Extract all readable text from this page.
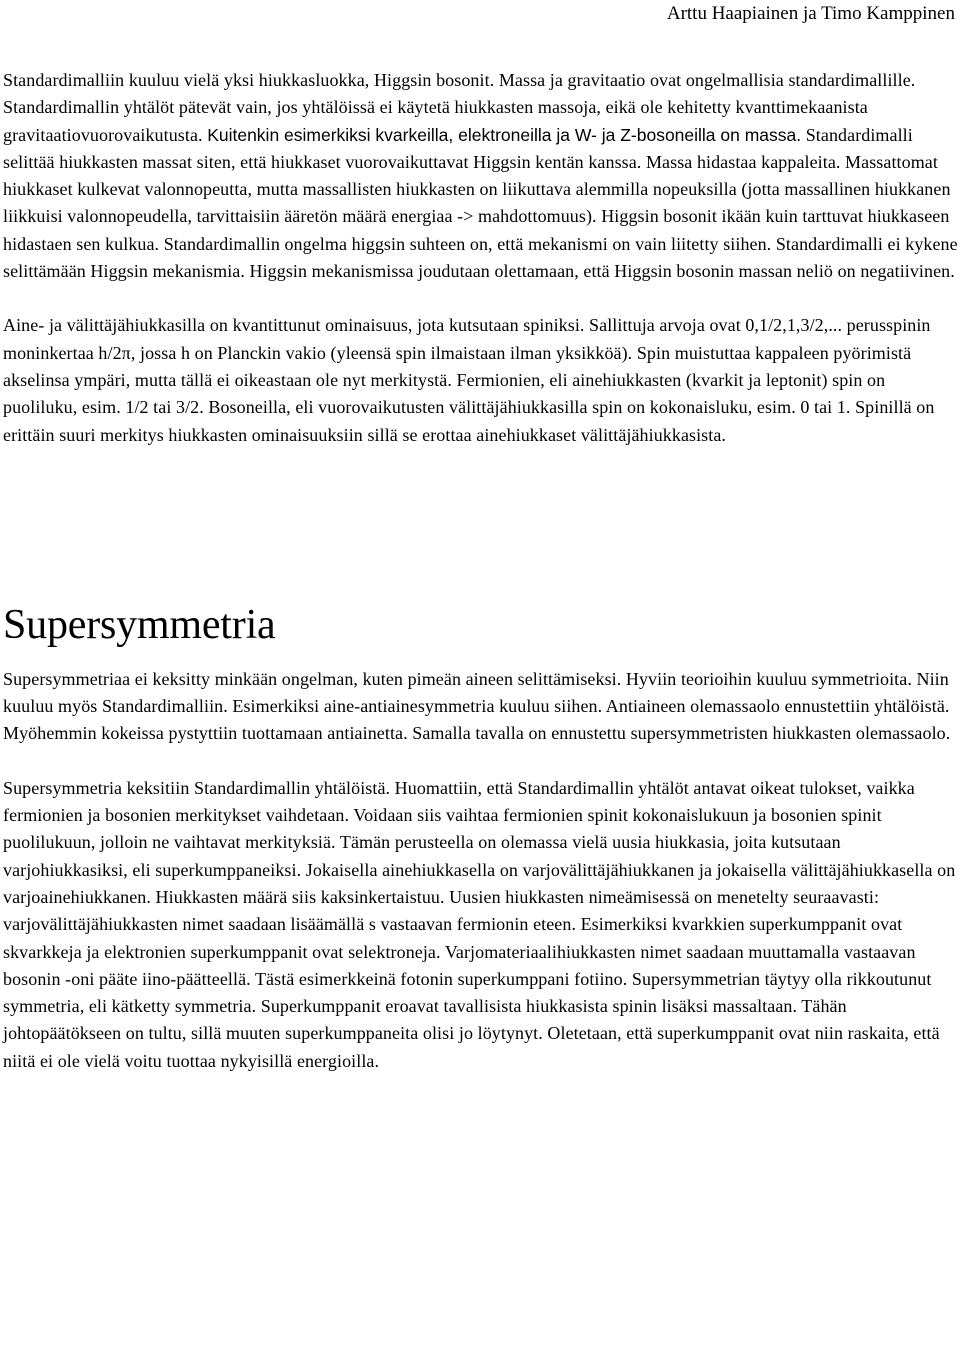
Arttu Haapiainen ja Timo Kamppinen

Standardimalliin kuuluu vielä yksi hiukkasluokka, Higgsin bosonit. Massa ja gravitaatio ovat ongelmallisia standardimallille. Standardimallin yhtälöt pätevät vain, jos yhtälöissä ei käytetä hiukkasten massoja, eikä ole kehitetty kvanttimekaanista gravitaatiovuorovaikutusta. Kuitenkin esimerkiksi kvarkeilla, elektroneilla ja W- ja Z-bosoneilla on massa. Standardimalli selittää hiukkasten massat siten, että hiukkaset vuorovaikuttavat Higgsin kentän kanssa. Massa hidastaa kappaleita. Massattomat hiukkaset kulkevat valonnopeutta, mutta massallisten hiukkasten on liikuttava alemmilla nopeuksilla (jotta massallinen hiukkanen liikkuisi valonnopeudella, tarvittaisiin ääretön määrä energiaa -> mahdottomuus). Higgsin bosonit ikään kuin tarttuvat hiukkaseen hidastaen sen kulkua. Standardimallin ongelma higgsin suhteen on, että mekanismi on vain liitetty siihen. Standardimalli ei kykene selittämään Higgsin mekanismia. Higgsin mekanismissa joudutaan olettamaan, että Higgsin bosonin massan neliö on negatiivinen.

Aine- ja välittäjähiukkasilla on kvantittunut ominaisuus, jota kutsutaan spiniksi. Sallittuja arvoja ovat 0,1/2,1,3/2,... perusspinin moninkertaa h/2π, jossa h on Planckin vakio (yleensä spin ilmaistaan ilman yksikköä). Spin muistuttaa kappaleen pyörimistä akselinsa ympäri, mutta tällä ei oikeastaan ole nyt merkitystä. Fermionien, eli ainehiukkasten (kvarkit ja leptonit) spin on puoliluku, esim. 1/2 tai 3/2. Bosoneilla, eli vuorovaikutusten välittäjähiukkasilla spin on kokonaisluku, esim. 0 tai 1. Spinillä on erittäin suuri merkitys hiukkasten ominaisuuksiin sillä se erottaa ainehiukkaset välittäjähiukkasista.

Supersymmetria

Supersymmetriaa ei keksitty minkään ongelman, kuten pimeän aineen selittämiseksi. Hyviin teorioihin kuuluu symmetrioita. Niin kuuluu myös Standardimalliin. Esimerkiksi aine-antiainesymmetria kuuluu siihen. Antiaineen olemassaolo ennustettiin yhtälöistä. Myöhemmin kokeissa pystyttiin tuottamaan antiainetta. Samalla tavalla on ennustettu supersymmetristen hiukkasten olemassaolo.

Supersymmetria keksitiin Standardimallin yhtälöistä. Huomattiin, että Standardimallin yhtälöt antavat oikeat tulokset, vaikka fermionien ja bosonien merkitykset vaihdetaan. Voidaan siis vaihtaa fermionien spinit kokonaislukuun ja bosonien spinit puolilukuun, jolloin ne vaihtavat merkityksiä. Tämän perusteella on olemassa vielä uusia hiukkasia, joita kutsutaan varjohiukkasiksi, eli superkumppaneiksi. Jokaisella ainehiukkasella on varjovälittäjähiukkanen ja jokaisella välittäjähiukkasella on varjoainehiukkanen. Hiukkasten määrä siis kaksinkertaistuu. Uusien hiukkasten nimeämisessä on menetelty seuraavasti: varjovälittäjähiukkasten nimet saadaan lisäämällä s vastaavan fermionin eteen. Esimerkiksi kvarkkien superkumppanit ovat skvarkkeja ja elektronien superkumppanit ovat selektroneja. Varjomateriaalihiukkasten nimet saadaan muuttamalla vastaavan bosonin -oni pääte iino-päätteellä. Tästä esimerkkeinä fotonin superkumppani fotiino. Supersymmetrian täytyy olla rikkoutunut symmetria, eli kätketty symmetria. Superkumppanit eroavat tavallisista hiukkasista spinin lisäksi massaltaan. Tähän johtopäätökseen on tultu, sillä muuten superkumppaneita olisi jo löytynyt. Oletetaan, että superkumppanit ovat niin raskaita, että niitä ei ole vielä voitu tuottaa nykyisillä energioilla.
